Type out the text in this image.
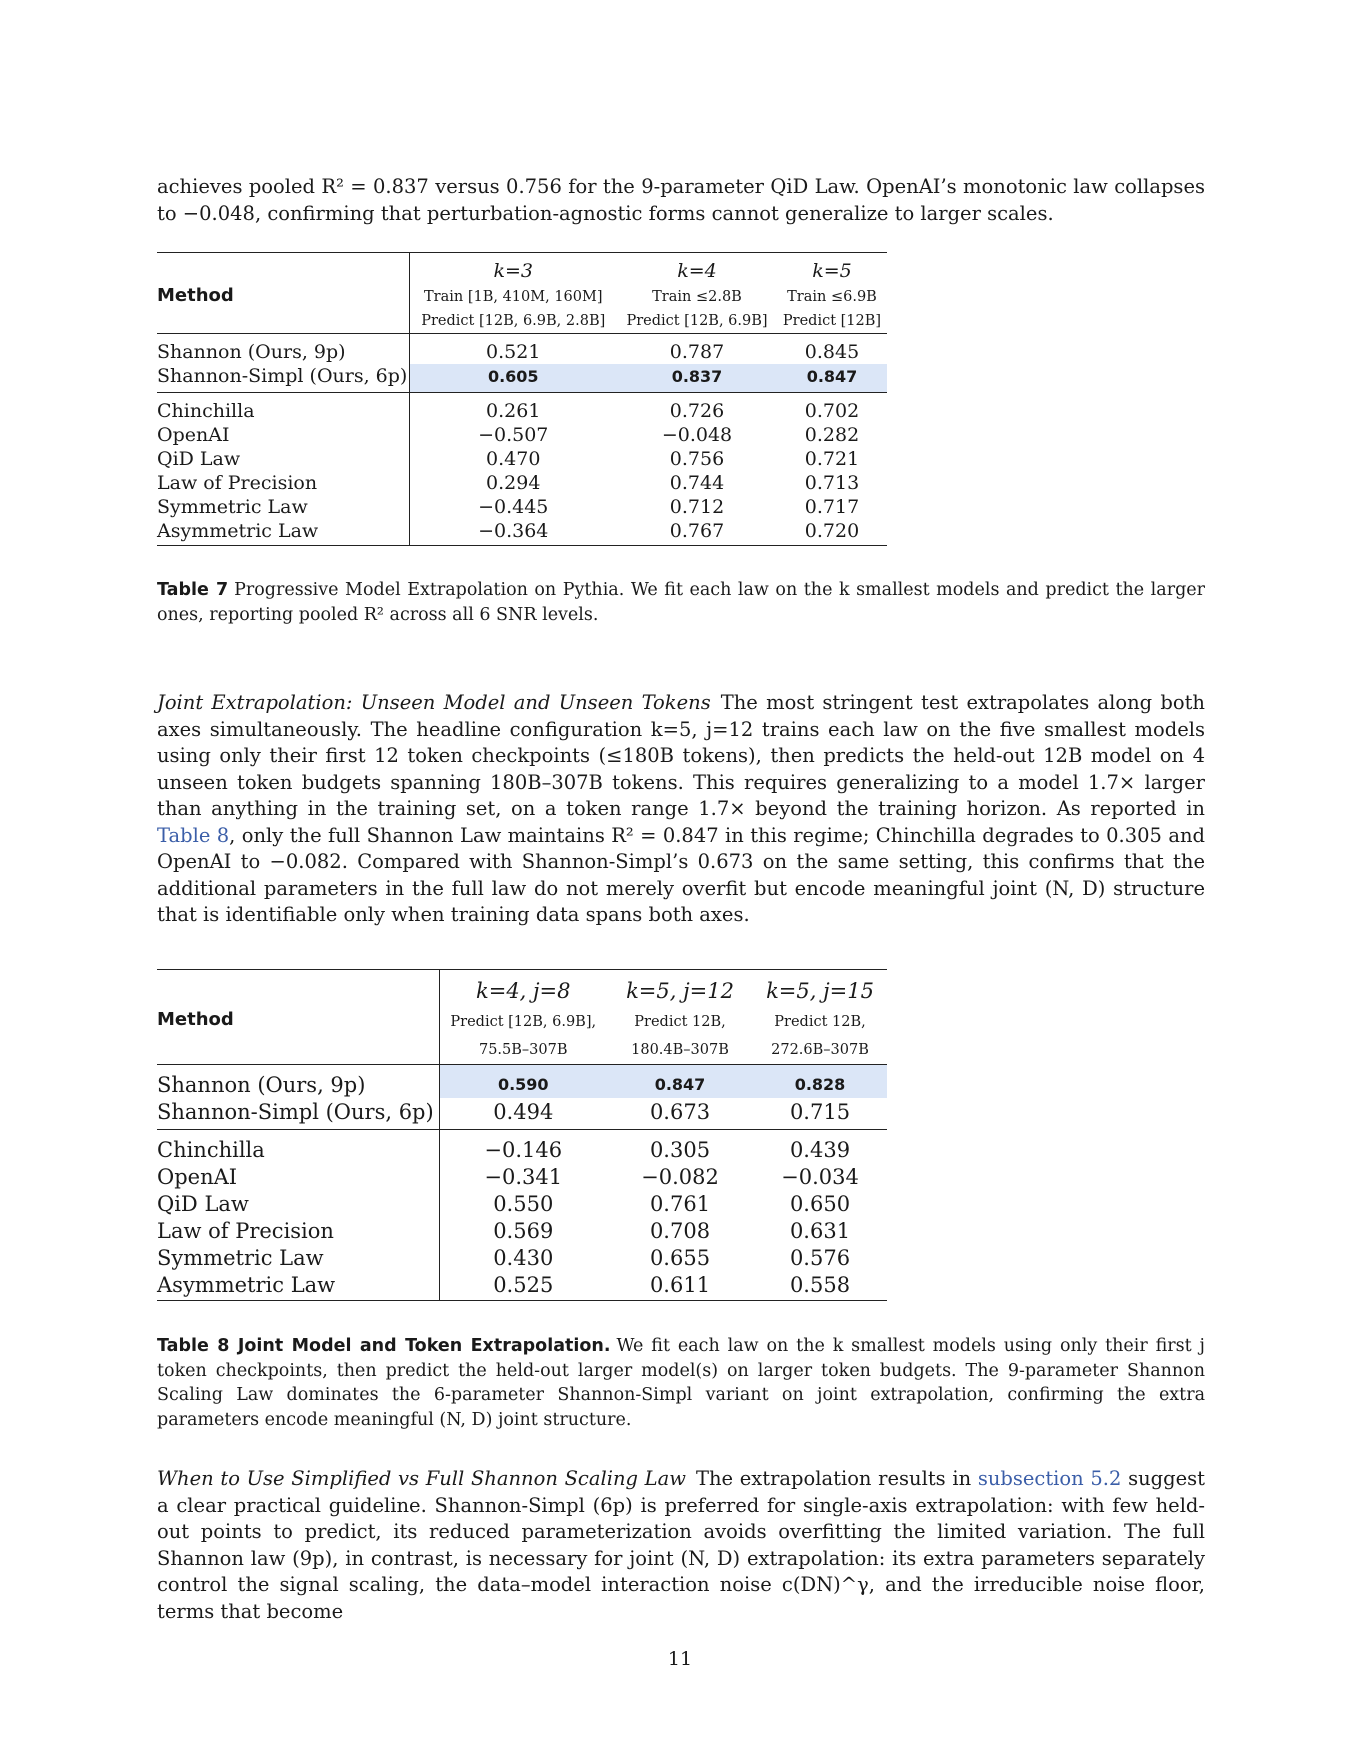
achieves pooled R² = 0.837 versus 0.756 for the 9-parameter QiD Law. OpenAI’s monotonic law collapses to −0.048, confirming that perturbation-agnostic forms cannot generalize to larger scales.

Joint Extrapolation: Unseen Model and Unseen Tokens The most stringent test extrapolates along both axes simultaneously. The headline configuration k=5, j=12 trains each law on the five smallest models using only their first 12 token checkpoints (≤180B tokens), then predicts the held-out 12B model on 4 unseen token budgets spanning 180B–307B tokens. This requires generalizing to a model 1.7× larger than anything in the training set, on a token range 1.7× beyond the training horizon. As reported in Table 8, only the full Shannon Law maintains R² = 0.847 in this regime; Chinchilla degrades to 0.305 and OpenAI to −0.082. Compared with Shannon-Simpl’s 0.673 on the same setting, this confirms that the additional parameters in the full law do not merely overfit but encode meaningful joint (N, D) structure that is identifiable only when training data spans both axes.

Table 7 Progressive Model Extrapolation on Pythia. We fit each law on the k smallest models and predict the larger ones, reporting pooled R² across all 6 SNR levels.
Table 8 Joint Model and Token Extrapolation. We fit each law on the k smallest models using only their first j token checkpoints, then predict the held-out larger model(s) on larger token budgets. The 9-parameter Shannon Scaling Law dominates the 6-parameter Shannon-Simpl variant on joint extrapolation, confirming the extra parameters encode meaningful (N, D) joint structure.

When to Use Simplified vs Full Shannon Scaling Law The extrapolation results in subsection 5.2 suggest a clear practical guideline. Shannon-Simpl (6p) is preferred for single-axis extrapolation: with few held-out points to predict, its reduced parameterization avoids overfitting the limited variation. The full Shannon law (9p), in contrast, is necessary for joint (N, D) extrapolation: its extra parameters separately control the signal scaling, the data–model interaction noise c(DN)^γ, and the irreducible noise floor, terms that become

Method	k=3	k=4	k=5
	Train [1B, 410M, 160M]	Train ≤2.8B	Train ≤6.9B
	Predict [12B, 6.9B, 2.8B]	Predict [12B, 6.9B]	Predict [12B]
Shannon (Ours, 9p)	0.521	0.787	0.845
Shannon-Simpl (Ours, 6p)	0.605	0.837	0.847
Chinchilla	0.261	0.726	0.702
OpenAI	−0.507	−0.048	0.282
QiD Law	0.470	0.756	0.721
Law of Precision	0.294	0.744	0.713
Symmetric Law	−0.445	0.712	0.717
Asymmetric Law	−0.364	0.767	0.720
Method	k=4, j=8	k=5, j=12	k=5, j=15
	Predict [12B, 6.9B],	Predict 12B,	Predict 12B,
	75.5B–307B	180.4B–307B	272.6B–307B
Shannon (Ours, 9p)	0.590	0.847	0.828
Shannon-Simpl (Ours, 6p)	0.494	0.673	0.715
Chinchilla	−0.146	0.305	0.439
OpenAI	−0.341	−0.082	−0.034
QiD Law	0.550	0.761	0.650
Law of Precision	0.569	0.708	0.631
Symmetric Law	0.430	0.655	0.576
Asymmetric Law	0.525	0.611	0.558
11
